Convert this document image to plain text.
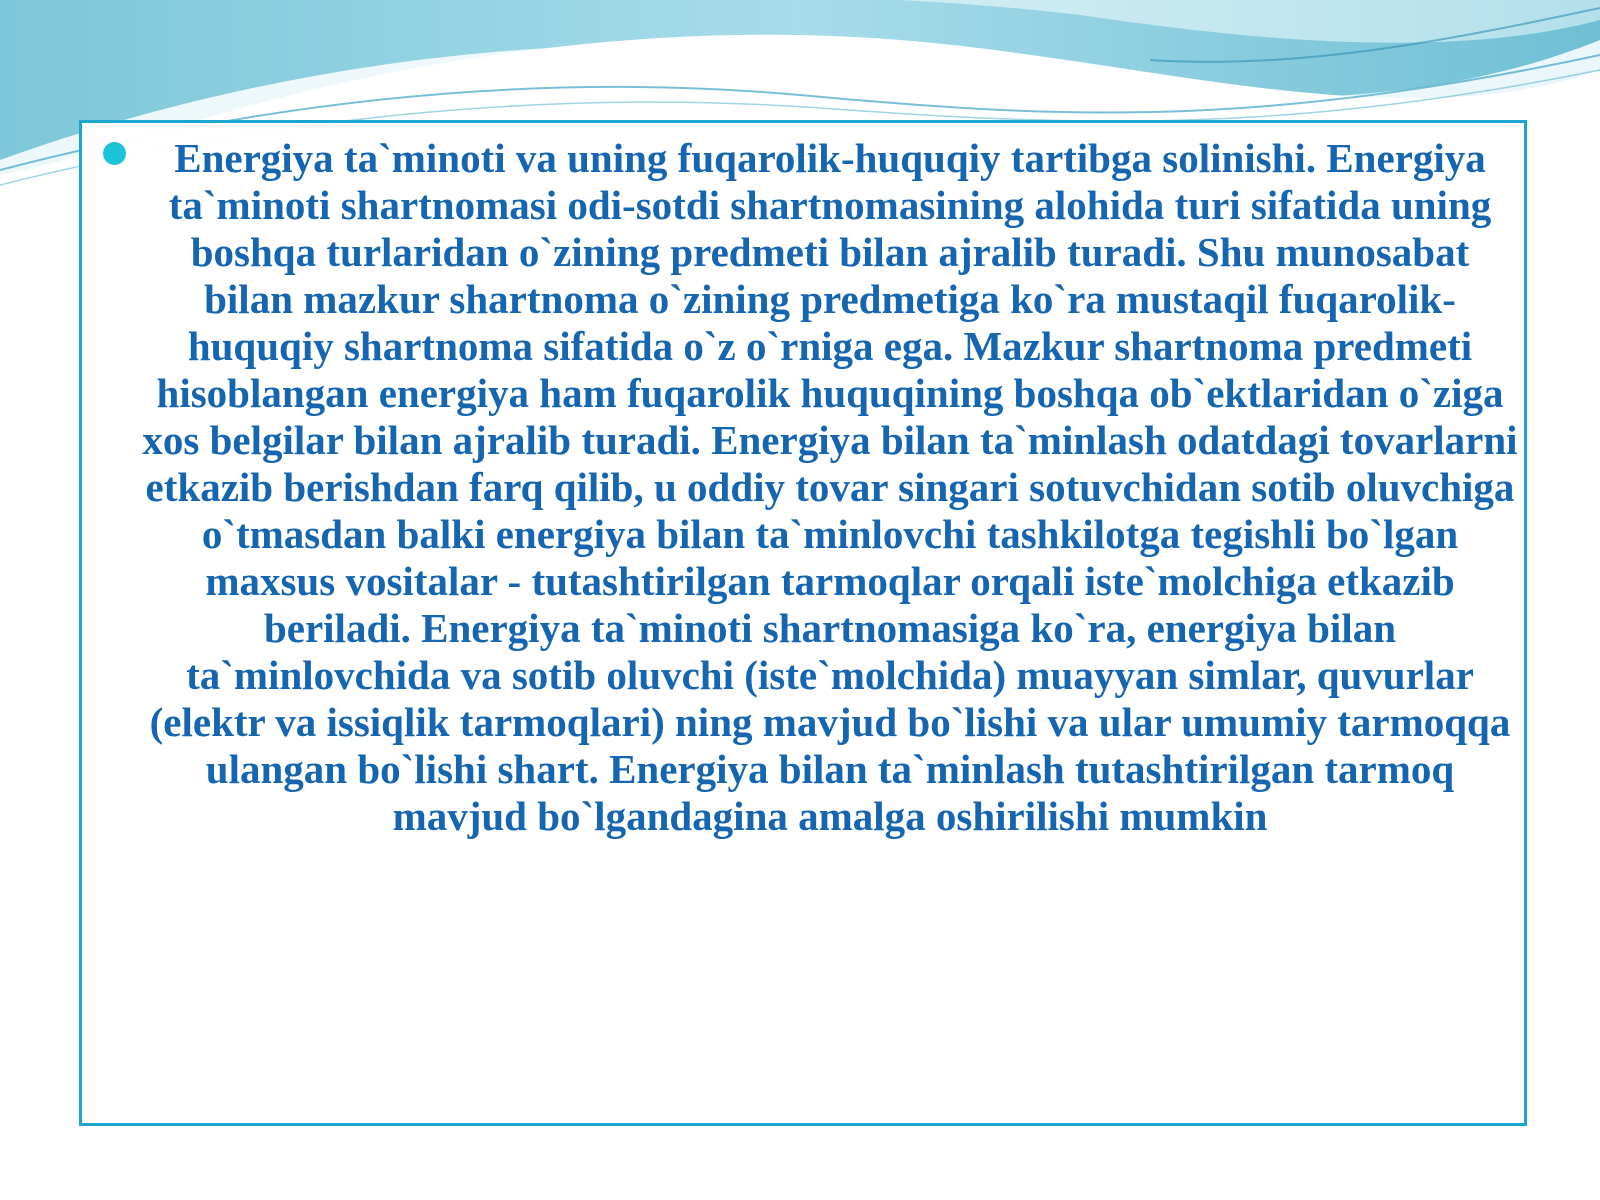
Energiya ta`minoti va uning fuqarolik-huquqiy tartibga solinishi. Energiya ta`minoti shartnomasi odi-sotdi shartnomasining alohida turi sifatida uning boshqa turlaridan o`zining predmeti bilan ajralib turadi. Shu munosabat bilan mazkur shartnoma o`zining predmetiga ko`ra mustaqil fuqarolik-huquqiy shartnoma sifatida o`z o`rniga ega. Mazkur shartnoma predmeti hisoblangan energiya ham fuqarolik huquqining boshqa ob`ektlaridan o`ziga xos belgilar bilan ajralib turadi. Energiya bilan ta`minlash odatdagi tovarlarni etkazib berishdan farq qilib, u oddiy tovar singari sotuvchidan sotib oluvchiga o`tmasdan balki energiya bilan ta`minlovchi tashkilotga tegishli bo`lgan maxsus vositalar - tutashtirilgan tarmoqlar orqali iste`molchiga etkazib beriladi. Energiya ta`minoti shartnomasiga ko`ra, energiya bilan ta`minlovchida va sotib oluvchi (iste`molchida) muayyan simlar, quvurlar (elektr va issiqlik tarmoqlari) ning mavjud bo`lishi va ular umumiy tarmoqqa ulangan bo`lishi shart. Energiya bilan ta`minlash tutashtirilgan tarmoq mavjud bo`lgandagina amalga oshirilishi mumkin
